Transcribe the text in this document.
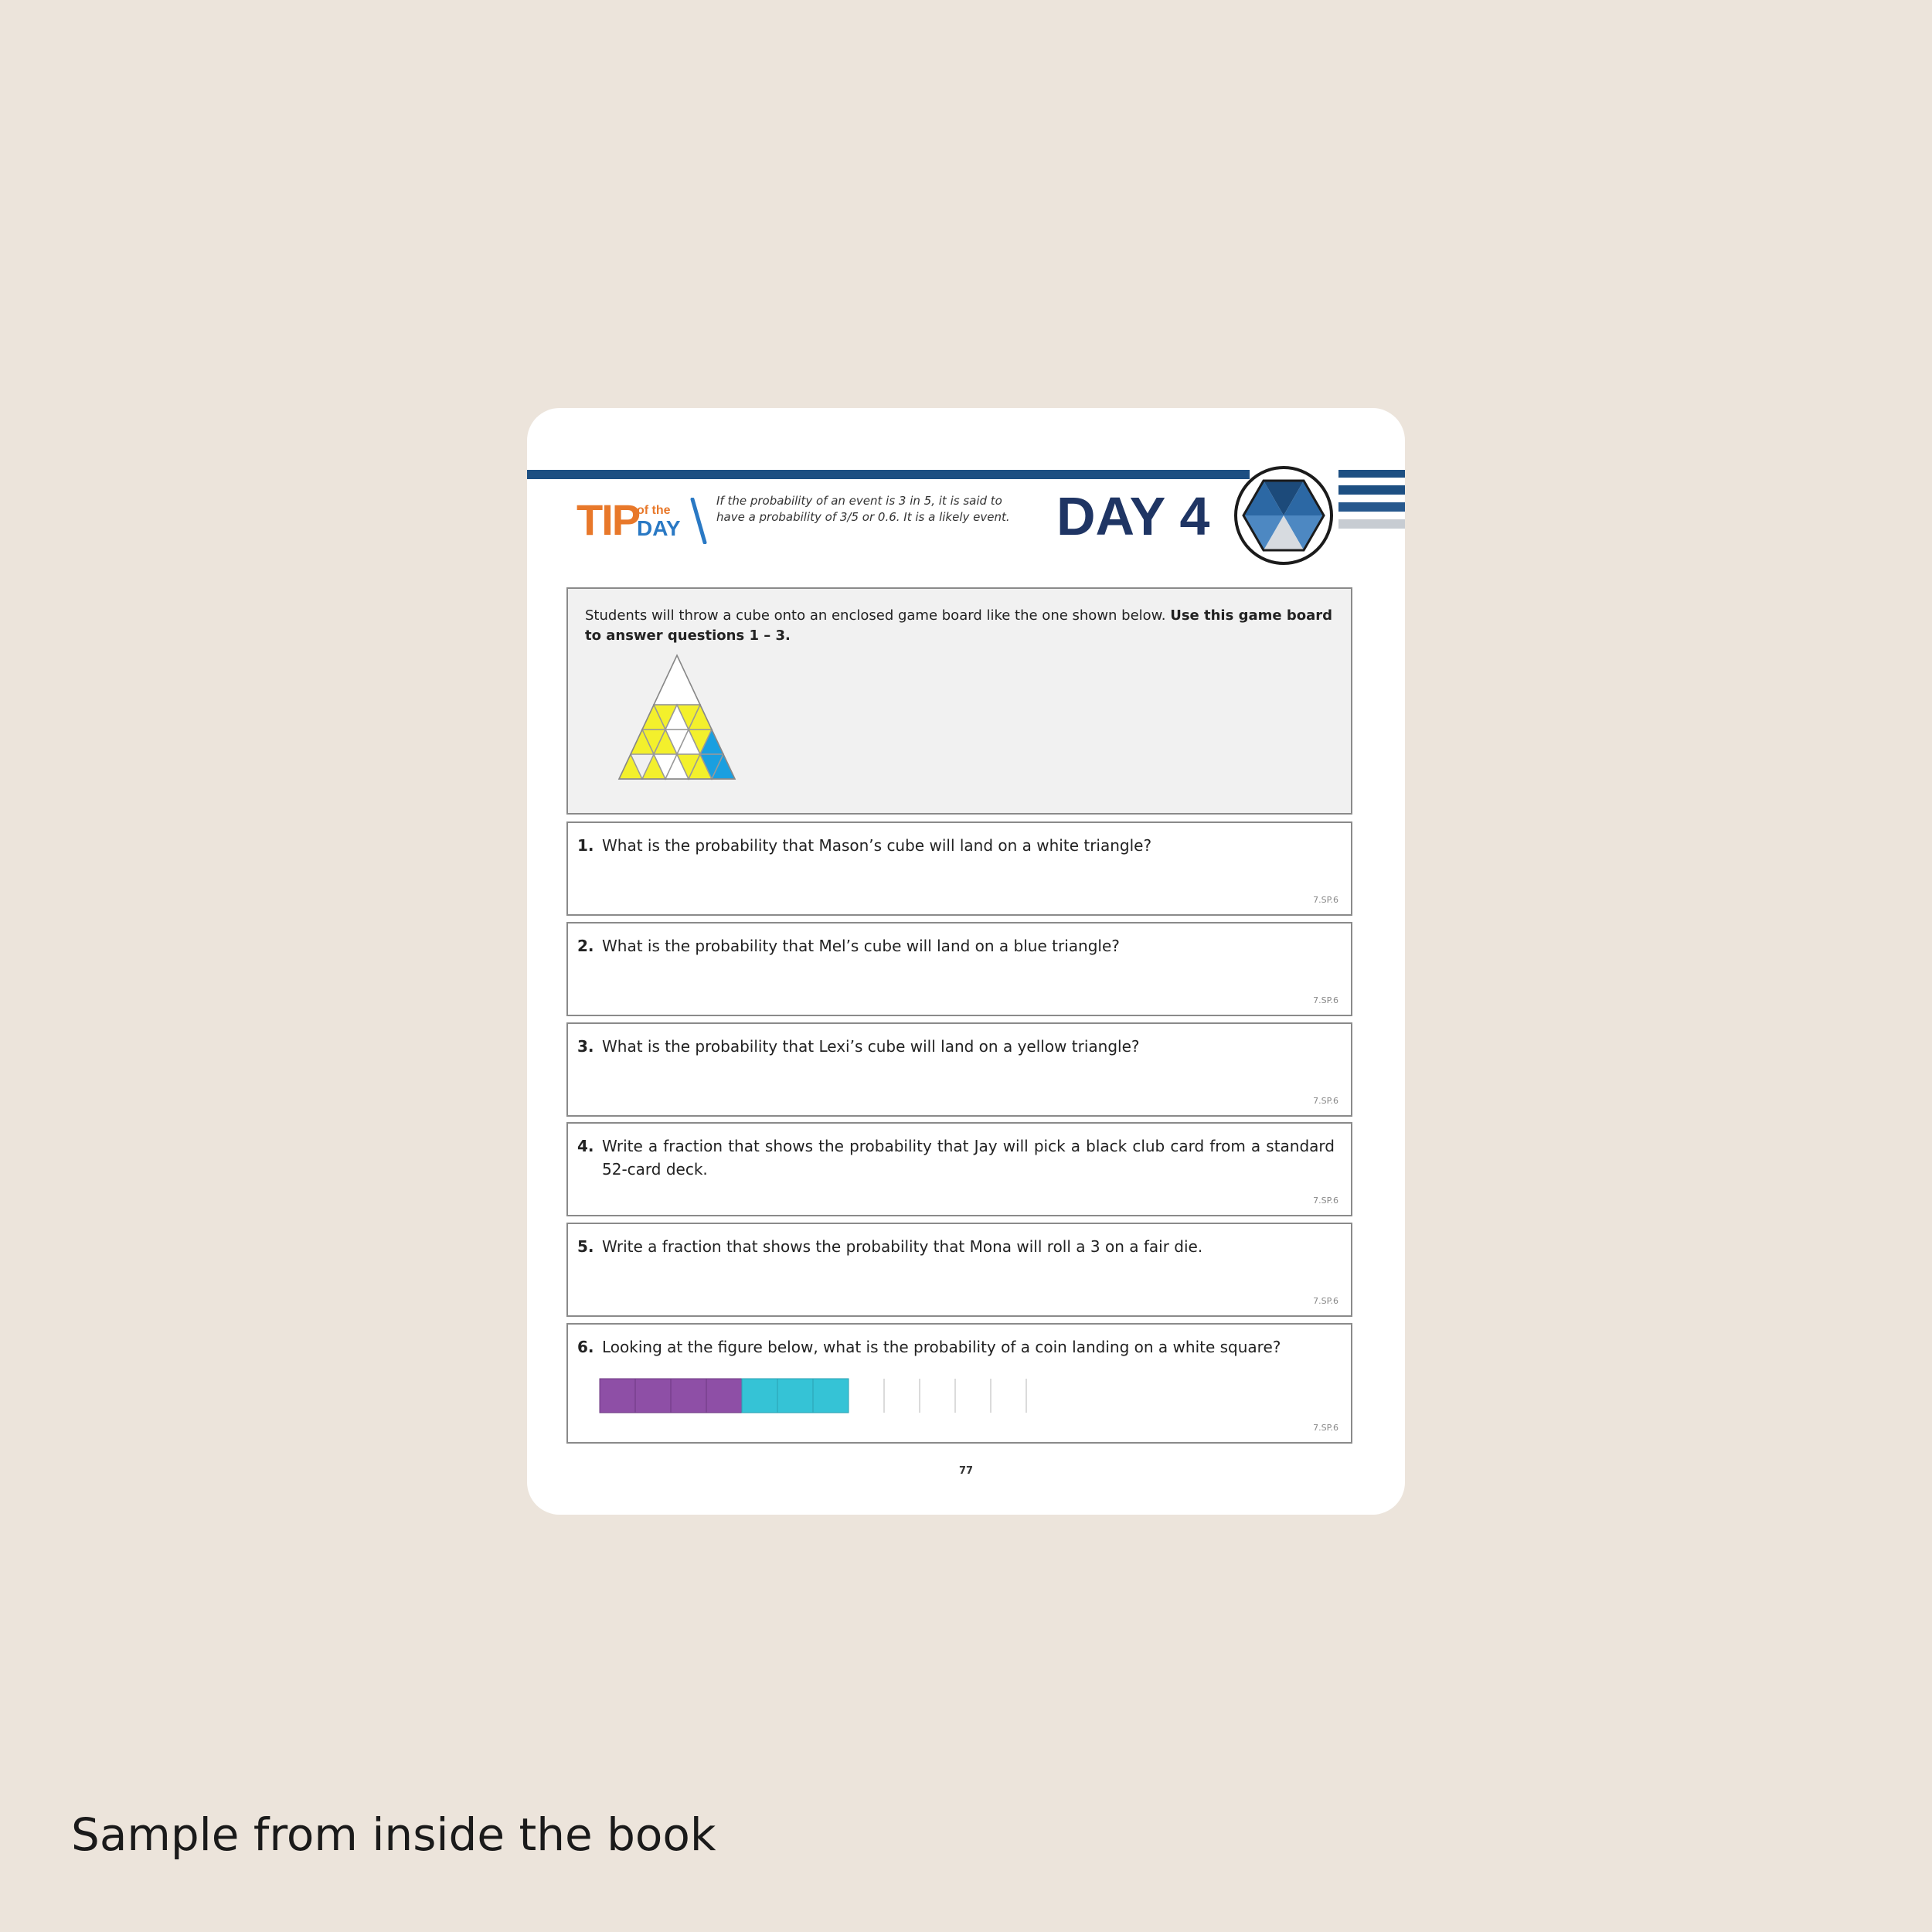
TIP
of the
DAY
If the probability of an event is 3 in 5, it is said to
have a probability of 3/5 or 0.6. It is a likely event. DAY 4
Students will throw a cube onto an enclosed game board like the one shown below. Use this game board to answer questions 1 – 3.
1. What is the probability that Mason’s cube will land on a white triangle?
7.SP.6
2. What is the probability that Mel’s cube will land on a blue triangle?
7.SP.6
3. What is the probability that Lexi’s cube will land on a yellow triangle?
7.SP.6
4. Write a fraction that shows the probability that Jay will pick a black club card from a standard 52-card deck.
7.SP.6
5. Write a fraction that shows the probability that Mona will roll a 3 on a fair die.
7.SP.6
6. Looking at the figure below, what is the probability of a coin landing on a white square?
7.SP.6
77
Sample from inside the book
